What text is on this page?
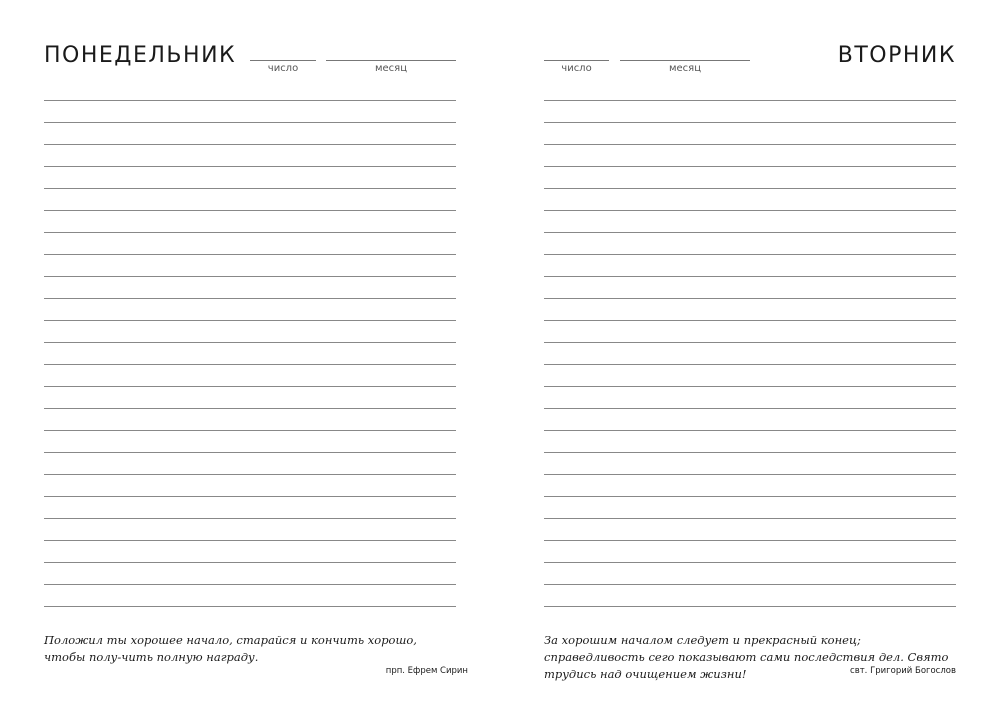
ПОНЕДЕЛЬНИК
число	месяц
Положил ты хорошее начало, старайся и кончить хорошо, чтобы полу-чить полную награду.
прп. Ефрем Сирин
ВТОРНИК
число	месяц
За хорошим началом следует и прекрасный конец; справедливость сего показывают сами последствия дел. Свято трудись над очищением жизни!	свт. Григорий Богослов
